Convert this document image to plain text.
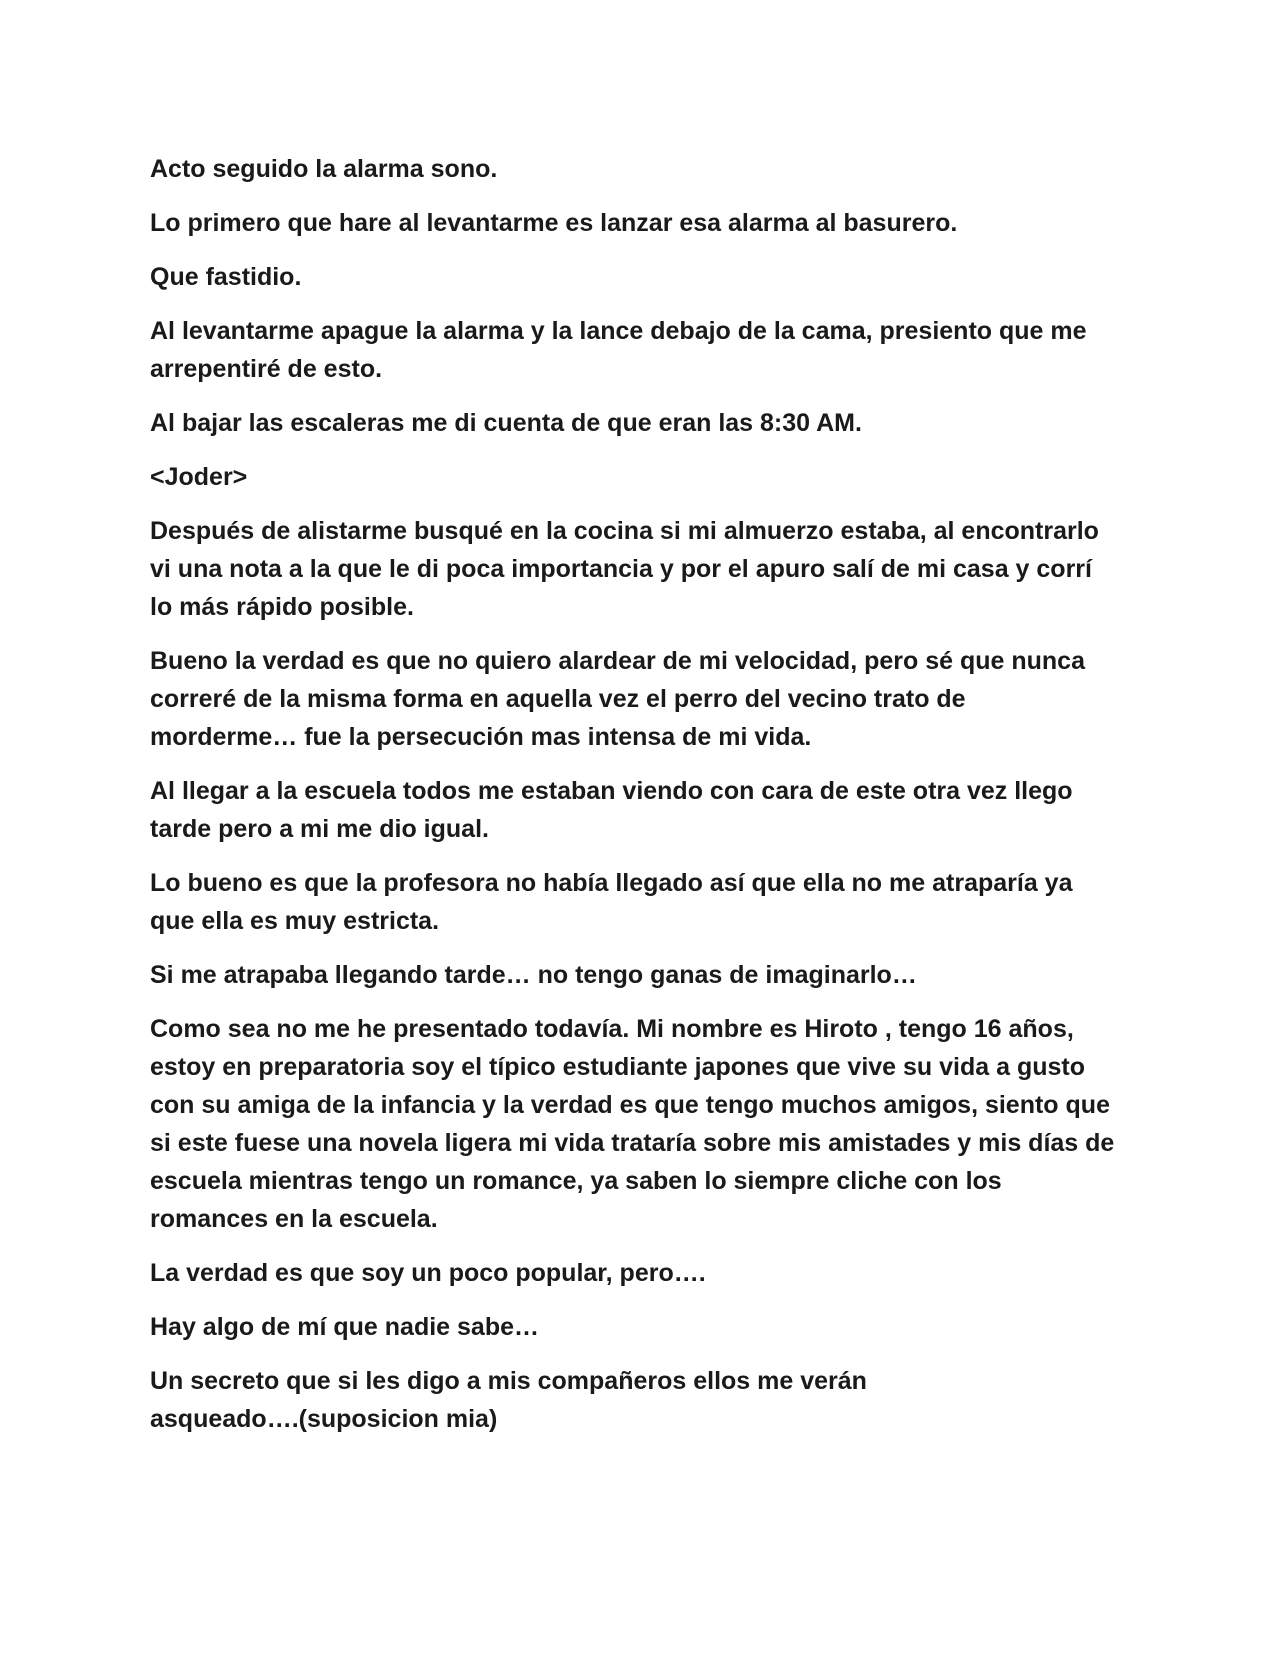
Acto seguido la alarma sono.

Lo primero que hare al levantarme es lanzar esa alarma al basurero.

Que fastidio.

Al levantarme apague la alarma y la lance debajo de la cama, presiento que me
arrepentiré de esto.

Al bajar las escaleras me di cuenta de que eran las 8:30 AM.

<Joder>

Después de alistarme busqué en la cocina si mi almuerzo estaba, al encontrarlo
vi una nota a la que le di poca importancia y por el apuro salí de mi casa y corrí
lo más rápido posible.

Bueno la verdad es que no quiero alardear de mi velocidad, pero sé que nunca
correré de la misma forma en aquella vez el perro del vecino trato de
morderme… fue la persecución mas intensa de mi vida.

Al llegar a la escuela todos me estaban viendo con cara de este otra vez llego
tarde pero a mi me dio igual.

Lo bueno es que la profesora no había llegado así que ella no me atraparía ya
que ella es muy estricta.

Si me atrapaba llegando tarde… no tengo ganas de imaginarlo…

Como sea no me he presentado todavía. Mi nombre es Hiroto , tengo 16 años,
estoy en preparatoria soy el típico estudiante japones que vive su vida a gusto
con su amiga de la infancia y la verdad es que tengo muchos amigos, siento que
si este fuese una novela ligera mi vida trataría sobre mis amistades y mis días de
escuela mientras tengo un romance, ya saben lo siempre cliche con los
romances en la escuela.

La verdad es que soy un poco popular, pero….

Hay algo de mí que nadie sabe…

Un secreto que si les digo a mis compañeros ellos me verán
asqueado….(suposicion mia)
